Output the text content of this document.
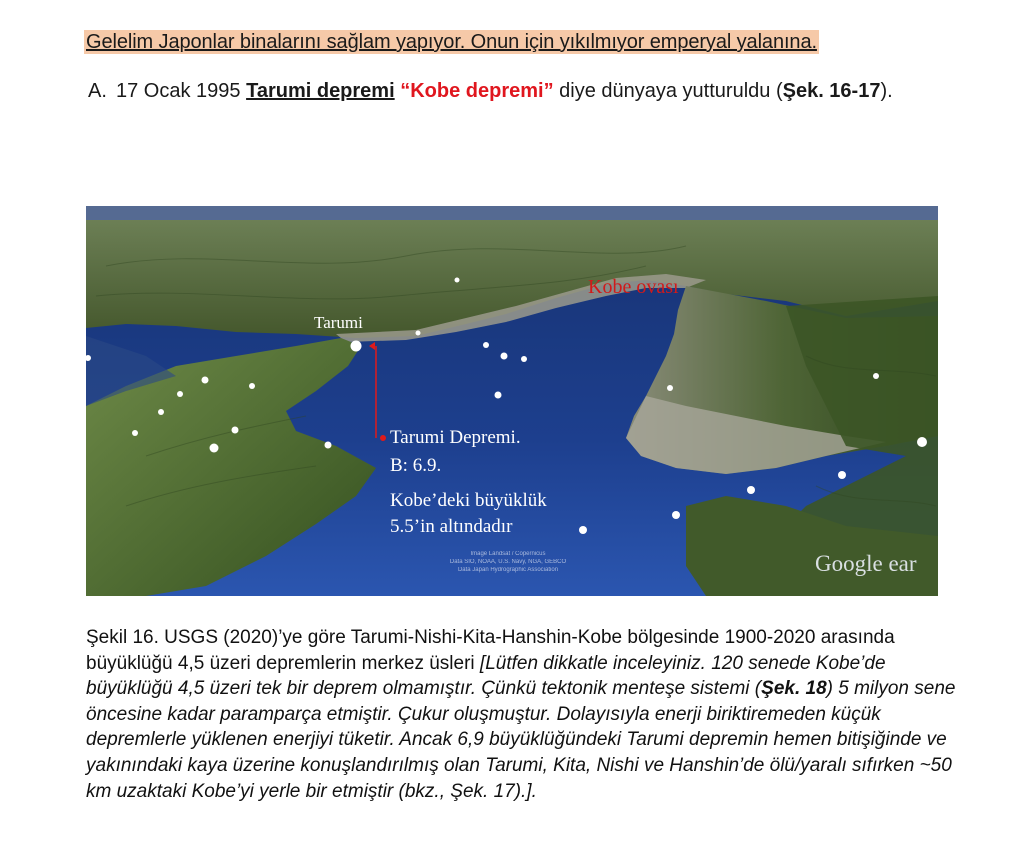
Gelelim Japonlar binalarını sağlam yapıyor. Onun için yıkılmıyor emperyal yalanına.
A. 17 Ocak 1995 Tarumi depremi “Kobe depremi” diye dünyaya yutturuldu (Şek. 16-17).
Kobe ovası
Tarumi
Tarumi Depremi.
B: 6.9.
Kobe’deki büyüklük
5.5’in altındadır
Image Landsat / Copernicus
Data SIO, NOAA, U.S. Navy, NGA, GEBCO
Data Japan Hydrographic Association	Google ear
Şekil 16. USGS (2020)’ye göre Tarumi-Nishi-Kita-Hanshin-Kobe bölgesinde 1900-2020 arasında büyüklüğü 4,5 üzeri depremlerin merkez üsleri [Lütfen dikkatle inceleyiniz. 120 senede Kobe’de büyüklüğü 4,5 üzeri tek bir deprem olmamıştır. Çünkü tektonik menteşe sistemi (Şek. 18) 5 milyon sene öncesine kadar paramparça etmiştir. Çukur oluşmuştur. Dolayısıyla enerji biriktiremeden küçük depremlerle yüklenen enerjiyi tüketir. Ancak 6,9 büyüklüğündeki Tarumi depremin hemen bitişiğinde ve yakınındaki kaya üzerine konuşlandırılmış olan Tarumi, Kita, Nishi ve Hanshin’de ölü/yaralı sıfırken ~50 km uzaktaki Kobe’yi yerle bir etmiştir (bkz., Şek. 17).].
